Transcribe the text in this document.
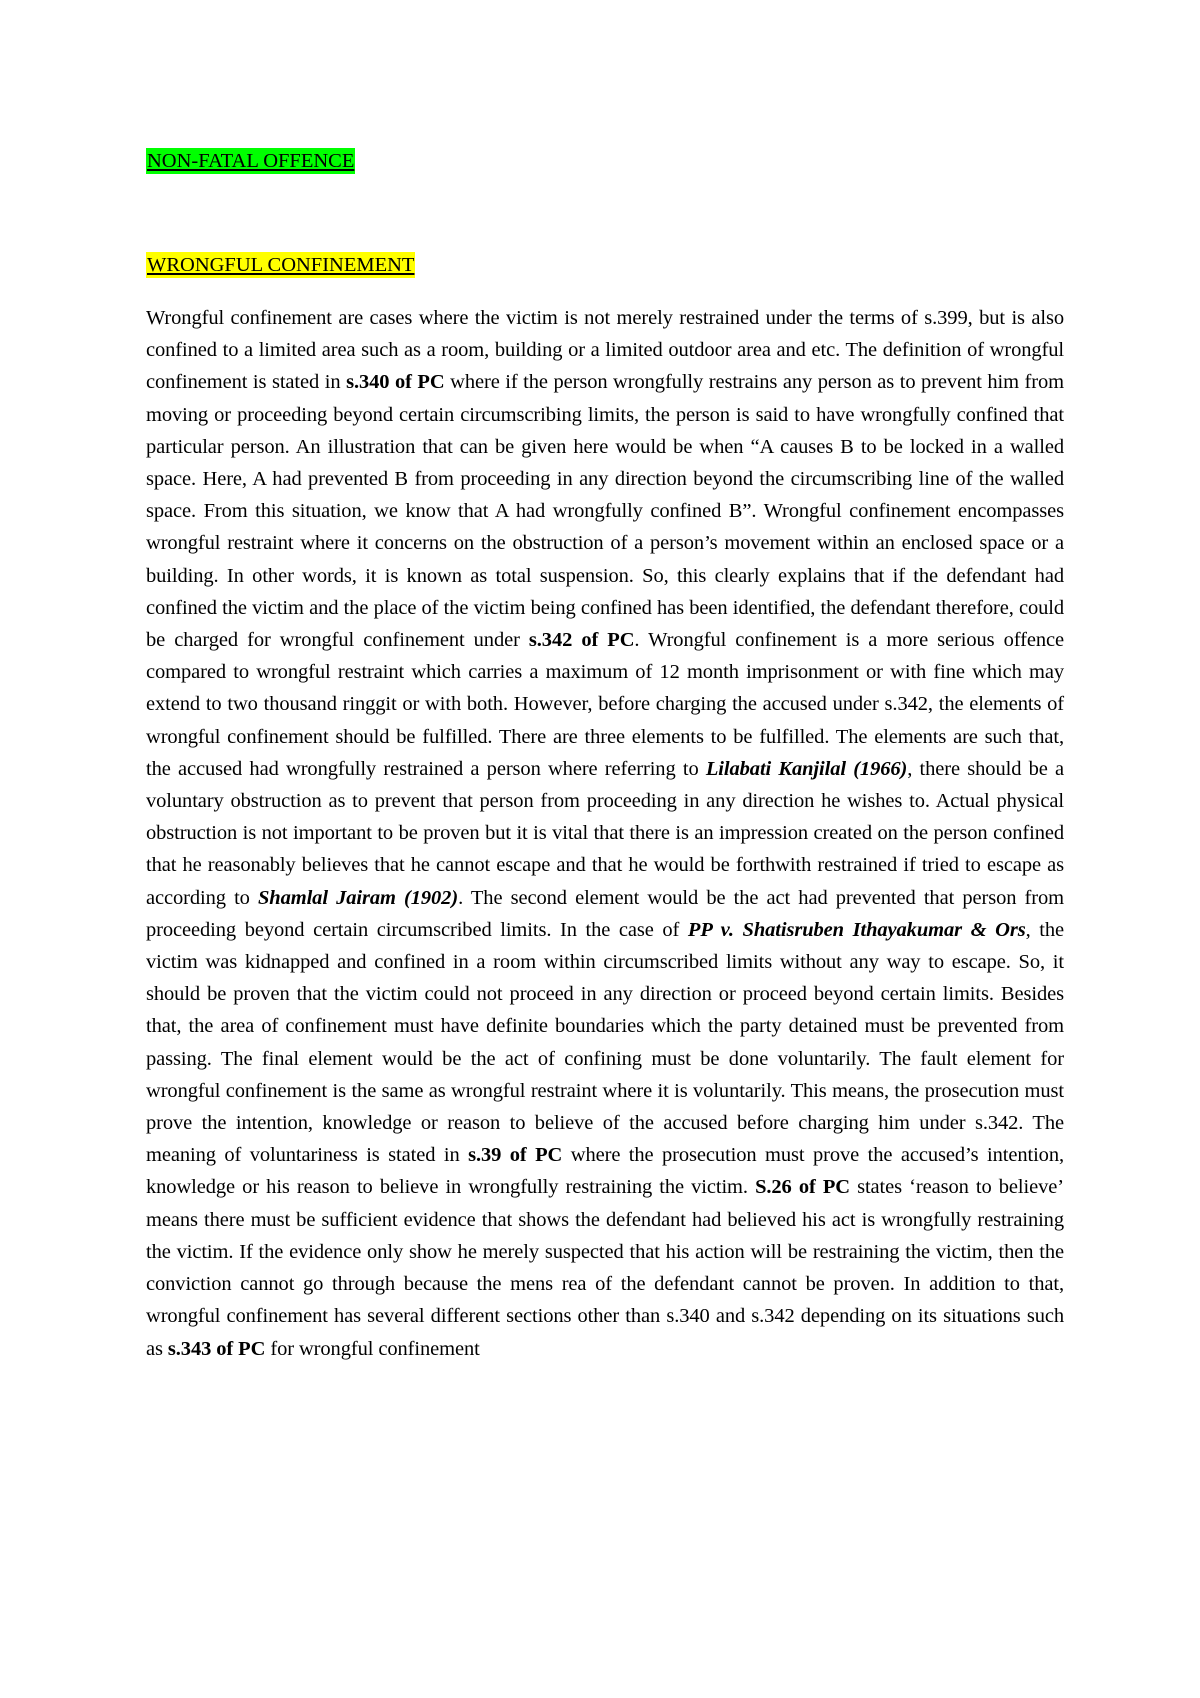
NON-FATAL OFFENCE
WRONGFUL CONFINEMENT
Wrongful confinement are cases where the victim is not merely restrained under the terms of s.399, but is also confined to a limited area such as a room, building or a limited outdoor area and etc. The definition of wrongful confinement is stated in s.340 of PC where if the person wrongfully restrains any person as to prevent him from moving or proceeding beyond certain circumscribing limits, the person is said to have wrongfully confined that particular person. An illustration that can be given here would be when “A causes B to be locked in a walled space. Here, A had prevented B from proceeding in any direction beyond the circumscribing line of the walled space. From this situation, we know that A had wrongfully confined B”. Wrongful confinement encompasses wrongful restraint where it concerns on the obstruction of a person’s movement within an enclosed space or a building. In other words, it is known as total suspension. So, this clearly explains that if the defendant had confined the victim and the place of the victim being confined has been identified, the defendant therefore, could be charged for wrongful confinement under s.342 of PC. Wrongful confinement is a more serious offence compared to wrongful restraint which carries a maximum of 12 month imprisonment or with fine which may extend to two thousand ringgit or with both. However, before charging the accused under s.342, the elements of wrongful confinement should be fulfilled. There are three elements to be fulfilled. The elements are such that, the accused had wrongfully restrained a person where referring to Lilabati Kanjilal (1966), there should be a voluntary obstruction as to prevent that person from proceeding in any direction he wishes to. Actual physical obstruction is not important to be proven but it is vital that there is an impression created on the person confined that he reasonably believes that he cannot escape and that he would be forthwith restrained if tried to escape as according to Shamlal Jairam (1902). The second element would be the act had prevented that person from proceeding beyond certain circumscribed limits. In the case of PP v. Shatisruben Ithayakumar & Ors, the victim was kidnapped and confined in a room within circumscribed limits without any way to escape. So, it should be proven that the victim could not proceed in any direction or proceed beyond certain limits. Besides that, the area of confinement must have definite boundaries which the party detained must be prevented from passing. The final element would be the act of confining must be done voluntarily. The fault element for wrongful confinement is the same as wrongful restraint where it is voluntarily. This means, the prosecution must prove the intention, knowledge or reason to believe of the accused before charging him under s.342. The meaning of voluntariness is stated in s.39 of PC where the prosecution must prove the accused’s intention, knowledge or his reason to believe in wrongfully restraining the victim. S.26 of PC states ‘reason to believe’ means there must be sufficient evidence that shows the defendant had believed his act is wrongfully restraining the victim. If the evidence only show he merely suspected that his action will be restraining the victim, then the conviction cannot go through because the mens rea of the defendant cannot be proven. In addition to that, wrongful confinement has several different sections other than s.340 and s.342 depending on its situations such as s.343 of PC for wrongful confinement
